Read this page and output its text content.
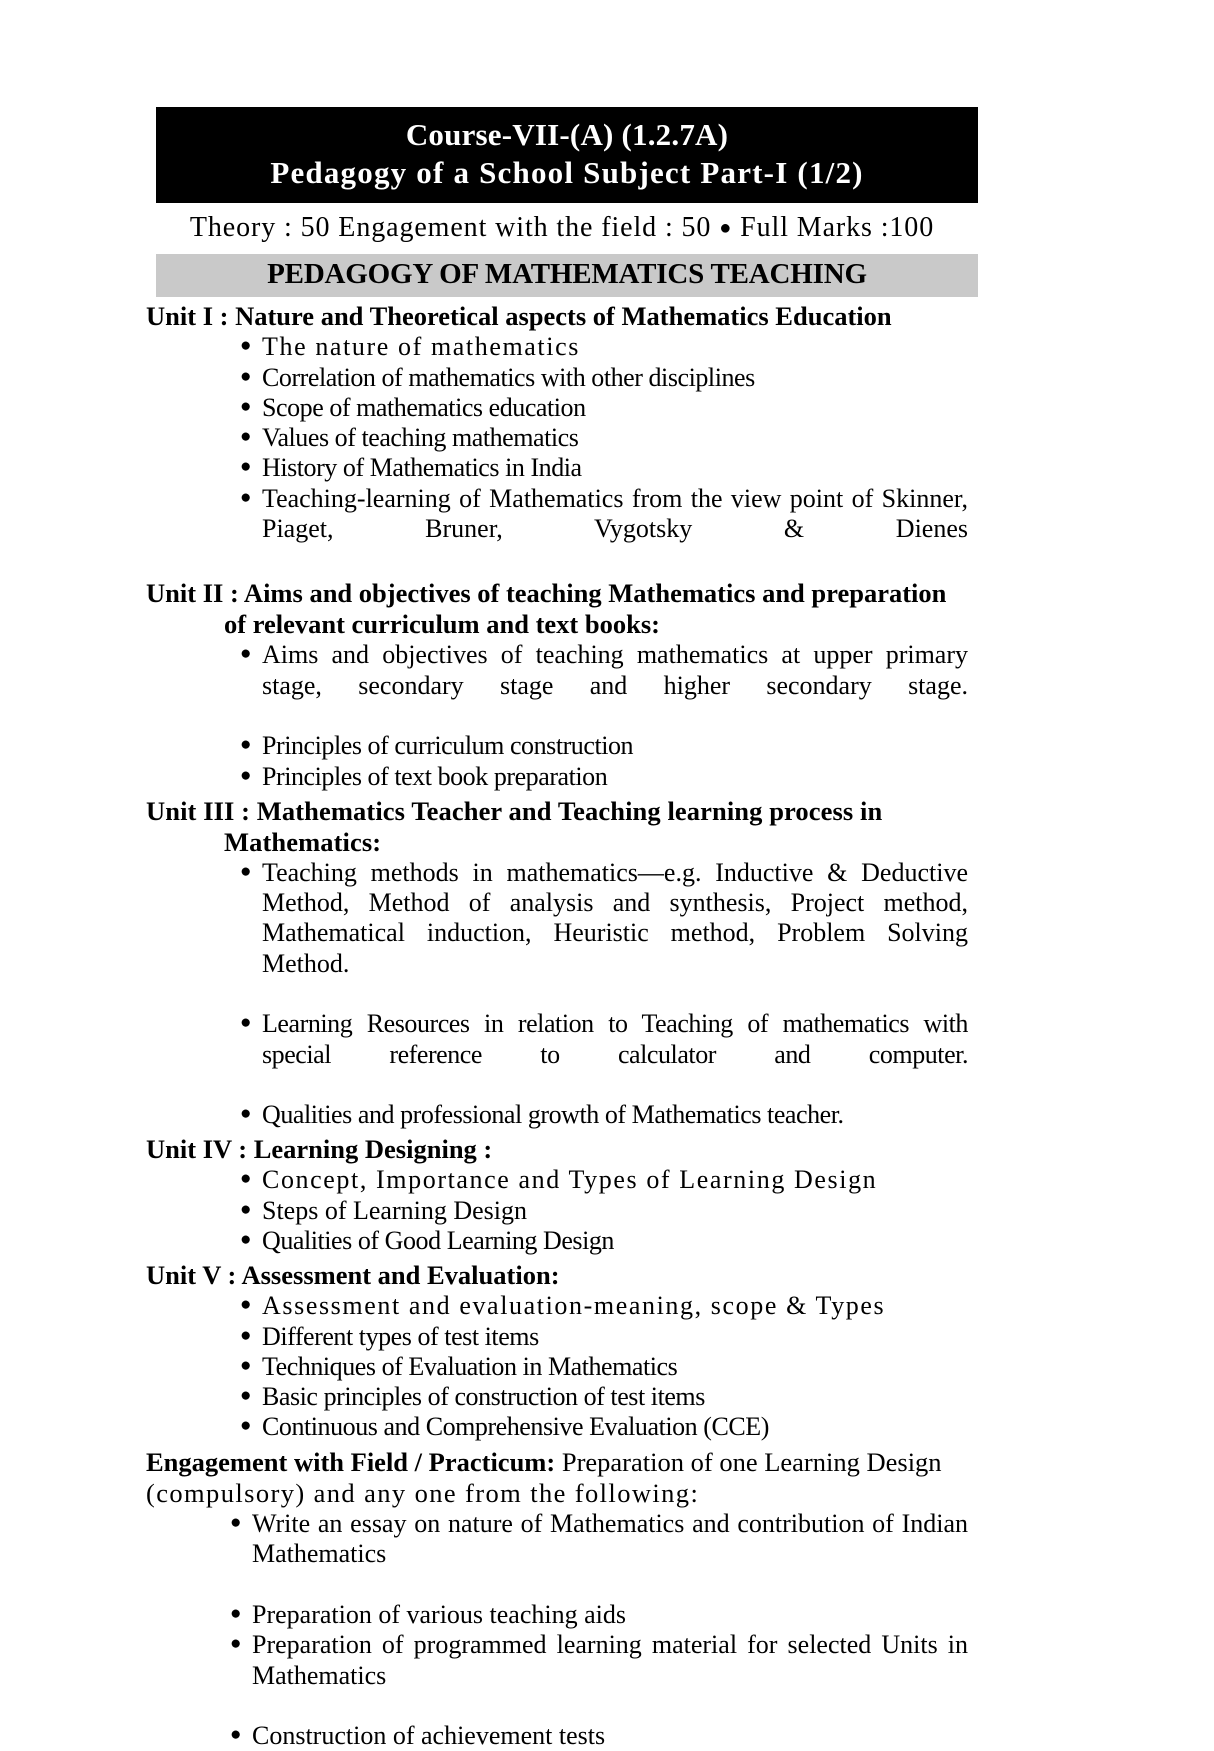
Course-VII-(A) (1.2.7A)
Pedagogy of a School Subject Part-I (1/2)
Theory : 50 Engagement with the field : 50 ● Full Marks :100
PEDAGOGY OF MATHEMATICS TEACHING
Unit I : Nature and Theoretical aspects of Mathematics Education
● The nature of mathematics
● Correlation of mathematics with other disciplines
● Scope of mathematics education
● Values of teaching mathematics
● History of Mathematics in India
● Teaching-learning of Mathematics from the view point of Skinner, Piaget, Bruner, Vygotsky & Dienes
Unit II : Aims and objectives of teaching Mathematics and preparation
of relevant curriculum and text books:
● Aims and objectives of teaching mathematics at upper primary stage, secondary stage and higher secondary stage.
● Principles of curriculum construction
● Principles of text book preparation
Unit III : Mathematics Teacher and Teaching learning process in
Mathematics:
● Teaching methods in mathematics—e.g. Inductive & Deductive Method, Method of analysis and synthesis, Project method, Mathematical induction, Heuristic method, Problem Solving Method.
● Learning Resources in relation to Teaching of mathematics with special reference to calculator and computer.
● Qualities and professional growth of Mathematics teacher.
Unit IV : Learning Designing :
● Concept, Importance and Types of Learning Design
● Steps of Learning Design
● Qualities of Good Learning Design
Unit V : Assessment and Evaluation:
● Assessment and evaluation-meaning, scope & Types
● Different types of test items
● Techniques of Evaluation in Mathematics
● Basic principles of construction of test items
● Continuous and Comprehensive Evaluation (CCE)
Engagement with Field / Practicum: Preparation of one Learning Design
(compulsory) and any one from the following:
● Write an essay on nature of Mathematics and contribution of Indian Mathematics
● Preparation of various teaching aids
● Preparation of programmed learning material for selected Units in Mathematics
● Construction of achievement tests
